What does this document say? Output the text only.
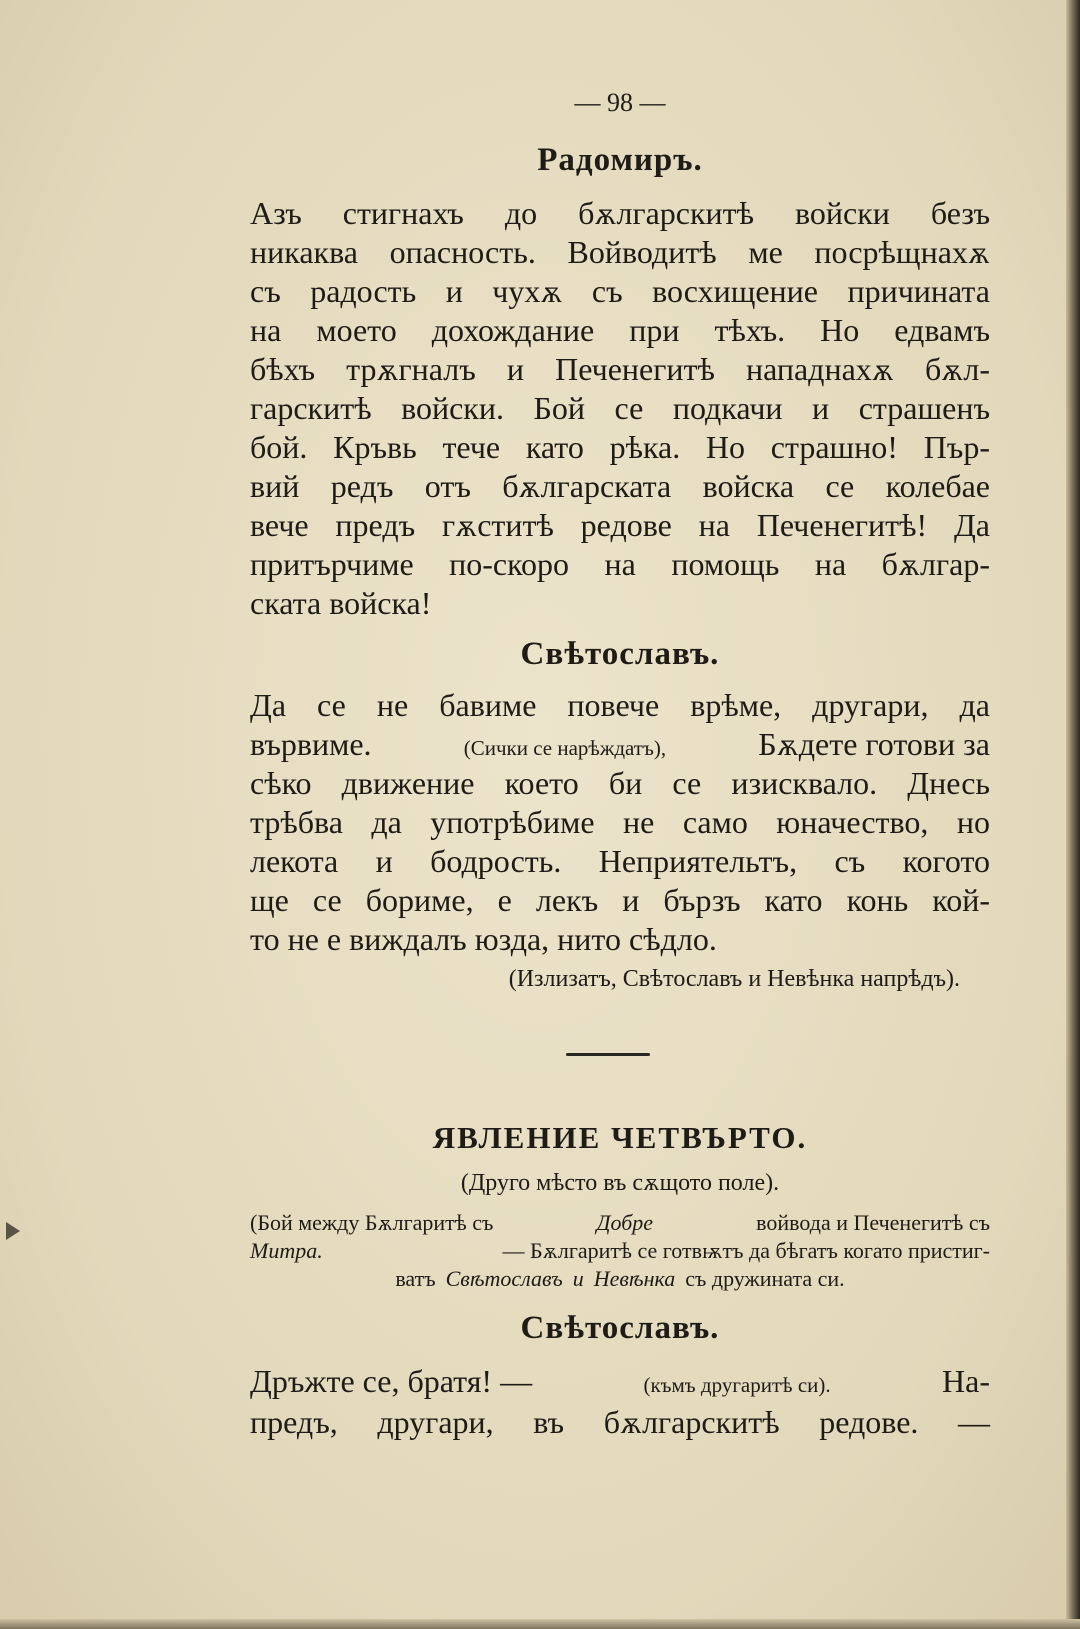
— 98 —
Радомиръ.
Азъ стигнахъ до бѫлгарскитѣ войски безъ
никаква опасность. Войводитѣ ме посрѣщнахѫ
съ радость и чухѫ съ восхищение причината
на моето дохождание при тѣхъ. Но едвамъ
бѣхъ трѫгналъ и Печенегитѣ нападнахѫ бѫл-
гарскитѣ войски. Бой се подкачи и страшенъ
бой. Кръвь тече като рѣка. Но страшно! Пър-
вий редъ отъ бѫлгарската войска се колебае
вече предъ гѫститѣ редове на Печенегитѣ! Да
притърчиме по-скоро на помощь на бѫлгар-
ската войска!
Свѣтославъ.
Да се не бавиме повече врѣме, другари, да
вървиме.	(Сички се нарѣждатъ),	Бѫдете готови за
сѣко движение което би се изисквало. Днесь
трѣбва да употрѣбиме не само юначество, но
лекота и бодрость. Неприятельтъ, съ когото
ще се бориме, е лекъ и бързъ като конь кой-
то не е виждалъ юзда, нито сѣдло.
(Излизатъ, Свѣтославъ и Невѣнка напрѣдъ).
ЯВЛЕНИЕ ЧЕТВЪРТО.
(Друго мѣсто въ сѫщото поле).
(Бой между Бѫлгаритѣ съ	Добре	войвода и Печенегитѣ съ
Митра.	— Бѫлгаритѣ се готвѭтъ да бѣгатъ когато пристиг-
ватъ Свѣтославъ и Невѣнка съ дружината си.
Свѣтославъ.
Дръжте се, братя! —	(къмъ другаритѣ си).	На-
предъ, другари, въ бѫлгарскитѣ редове. —
